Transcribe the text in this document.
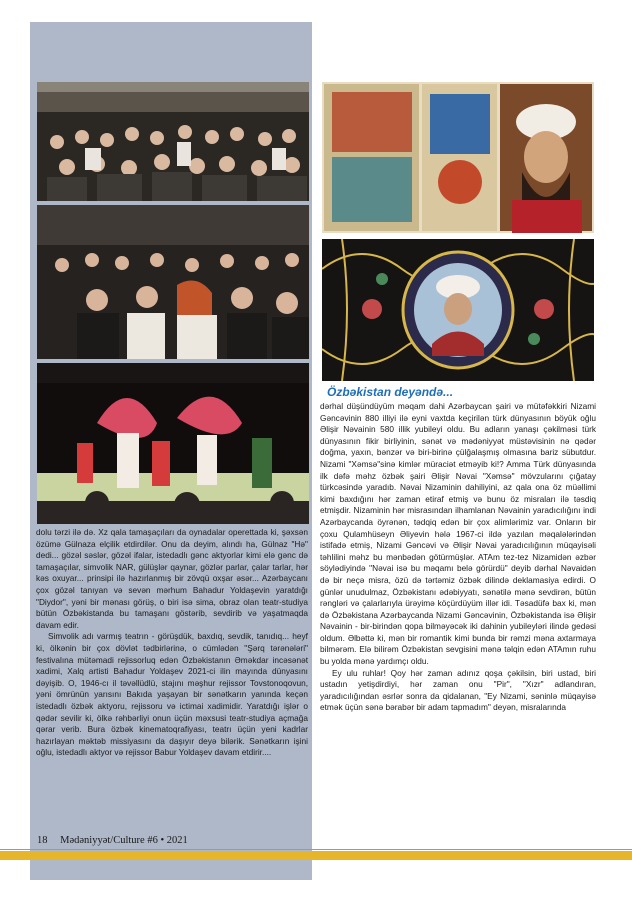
Özbəkistan deyəndə...

dolu tərzi ilə də. Xz qala tamaşaçıları da oynadalar operettada ki, şəxsən özümə Gülnaza elçilik etdirdilər. Onu da deyim, alındı ha, Gülnaz "Hə" dedi... gözəl səslər, gözəl ifalar, istedadlı gənc aktyorlar kimi elə gənc də tamaşaçılar, simvolik NAR, gülüşlər qaynar, gözlər parlar, çalar tarlar, hər kəs oxuyar... prinsipi ilə hazırlanmış bir zövqü oxşar əsər... Azərbaycanı çox gözəl tanıyan və sevən mərhum Bahadur Yoldaşevin yaratdığı "Diydor", yəni bir mənası görüş, o biri isə sima, obraz olan teatr-studiya bütün Özbəkistanda bu tamaşanı göstərib, sevdirib və yaşatmaqda davam edir.

Simvolik adı varmış teatrın - görüşdük, baxdıq, sevdik, tanıdıq... heyf ki, ölkənin bir çox dövlət tədbirlərinə, o cümlədən "Şərq tərənələri" festivalına mütəmadi rejissorluq edən Özbəkistanın Əməkdar incəsənət xadimi, Xalq artisti Bahadur Yoldaşev 2021-ci ilin mayında dünyasını dəyişib. O, 1946-cı il təvəllüdlü, stajını məşhur rejissor Tovstonoqovun, yəni ömrünün yarısını Bakıda yaşayan bir sənətkarın yanında keçən istedadlı özbək aktyoru, rejissoru və ictimai xadimidir. Yaratdığı işlər o qədər sevilir ki, ölkə rəhbərliyi onun üçün məxsusi teatr-studiya açmağa qərar verib. Bura özbək kinematoqrafiyası, teatrı üçün yeni kadrlar hazırlayan məktəb missiyasını da daşıyır deyə bilərik. Sənətkarın işini oğlu, istedadlı aktyor və rejissor Babur Yoldaşev davam etdirir....

dərhal düşündüyüm məqam dahi Azərbaycan şairi və mütəfəkkiri Nizami Gəncəvinin 880 illiyi ilə eyni vaxtda keçirilən türk dünyasının böyük oğlu Əlişir Nəvainin 580 illik yubileyi oldu. Bu adların yanaşı çəkilməsi türk dünyasının fikir birliyinin, sənət və mədəniyyət müstəvisinin nə qədər doğma, yaxın, bənzər və biri-birinə çülğalaşmış olmasına bariz sübutdur. Nizami "Xəmsə"sinə kimlər müraciət etməyib ki!? Amma Türk dünyasında ilk dəfə məhz özbək şairi Əlişir Nəvai "Xəmsə" mövzularını çığatay türkcəsində yaradıb. Nəvai Nizaminin dahiliyini, az qala ona öz müəllimi kimi baxdığını hər zaman etiraf etmiş və bunu öz misraları ilə təsdiq etmişdir. Nizaminin hər misrasından ilhamlanan Nəvainin yaradıcılığını indi Azərbaycanda öyrənən, tədqiq edən bir çox alimlərimiz var. Onların bir çoxu Qulamhüseyn Əliyevin hələ 1967-ci ildə yazılan məqalələrindən istifadə etmiş, Nizami Gəncəvi və Əlişir Nəvai yaradıcılığının müqayisəli təhlilini məhz bu mənbədən götürmüşlər. ATAm tez-tez Nizamidən əzbər söylədiyində "Nəvai isə bu məqamı belə görürdü" deyib dərhal Nəvaidən də bir neçə misra, özü də tərtəmiz özbək dilində deklamasiya edirdi. O günlər unudulmaz, Özbəkistanı ədəbiyyatı, sənətilə mənə sevdirən, bütün rəngləri və çalarlarıyla ürəyimə köçürdüyüm illər idi. Təsadüfə bax ki, mən də Özbəkistana Azərbaycanda Nizami Gəncəvinin, Özbəkistanda isə Əlişir Nəvainin - bir-birindən qopa bilməyəcək iki dahinin yubileyləri ilində gedəsi oldum. Əlbəttə ki, mən bir romantik kimi bunda bir rəmzi məna axtarmaya bilmərəm. Elə bilirəm Özbəkistan sevgisini mənə təlqin edən ATAmın ruhu bu yolda mənə yardımçı oldu.

Ey ulu ruhlar! Qoy hər zaman adınız qoşa çəkilsin, biri ustad, biri ustadın yetişdirdiyi, hər zaman onu "Pir", "Xızr" adlandıran, yaradıcılığından əsrlər sonra da qidalanan, "Ey Nizami, səninlə müqayisə etmək üçün sənə bərabər bir adam tapmadım" deyən, misralarında

18 Mədəniyyət/Culture #6 • 2021
